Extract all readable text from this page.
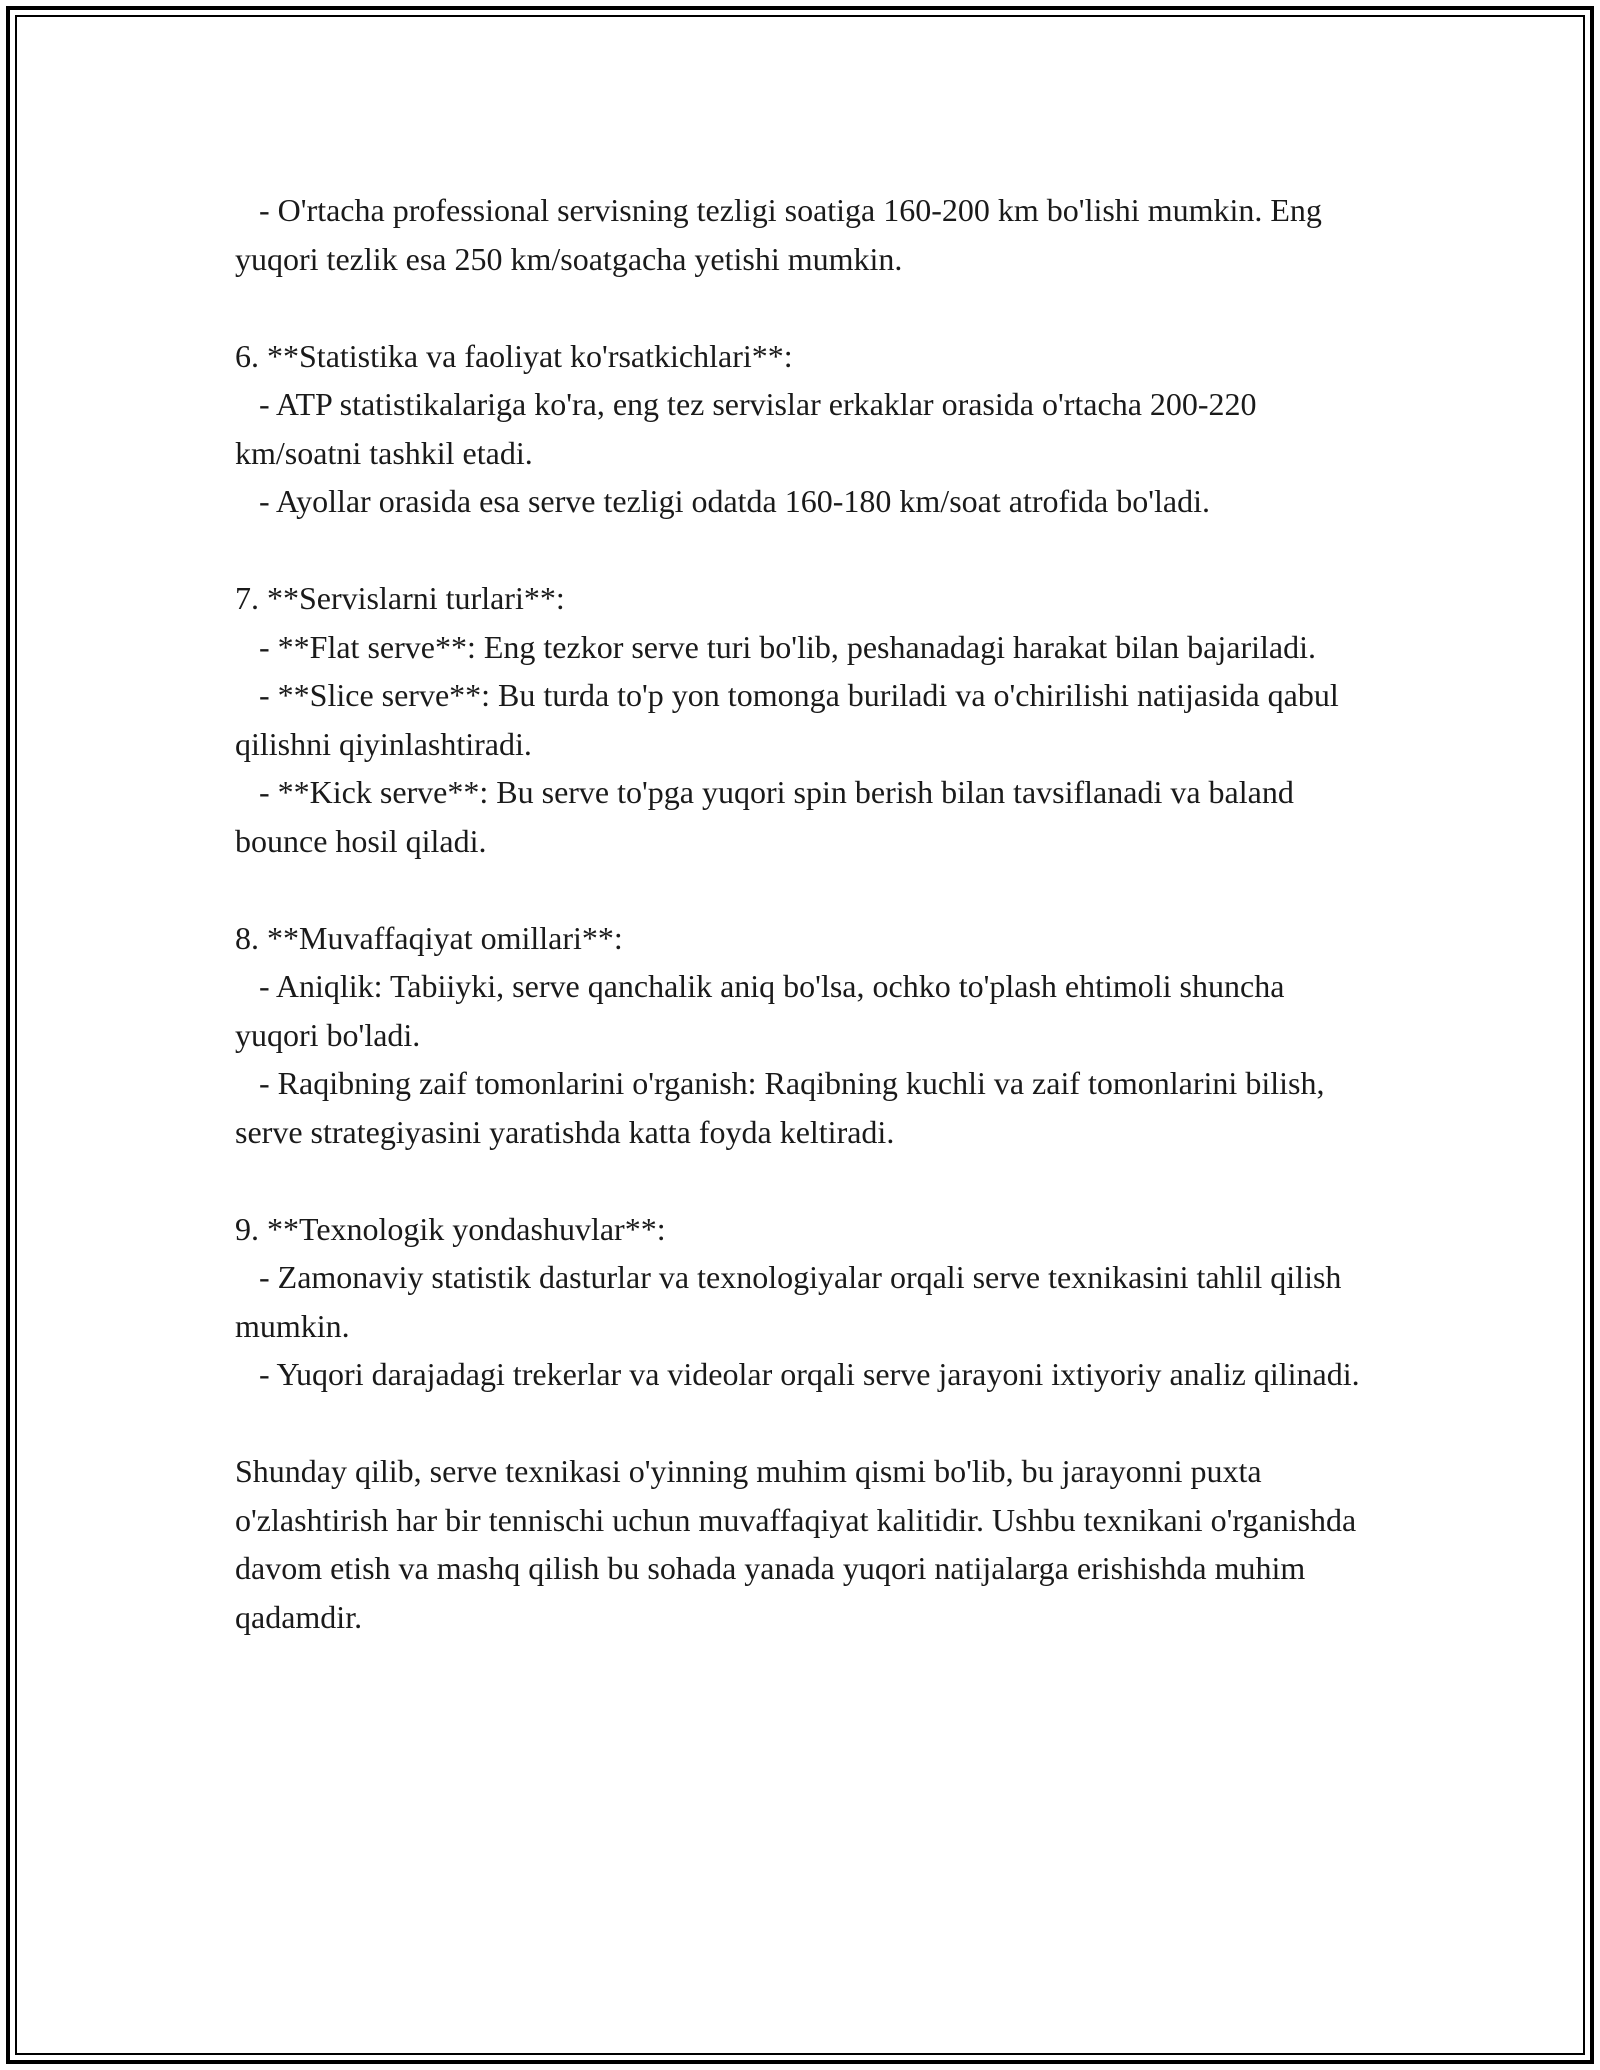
- O'rtacha professional servisning tezligi soatiga 160-200 km bo'lishi mumkin. Eng yuqori tezlik esa 250 km/soatgacha yetishi mumkin.
6. **Statistika va faoliyat ko'rsatkichlari**:
- ATP statistikalariga ko'ra, eng tez servislar erkaklar orasida o'rtacha 200-220 km/soatni tashkil etadi.
- Ayollar orasida esa serve tezligi odatda 160-180 km/soat atrofida bo'ladi.
7. **Servislarni turlari**:
- **Flat serve**: Eng tezkor serve turi bo'lib, peshanadagi harakat bilan bajariladi.
- **Slice serve**: Bu turda to'p yon tomonga buriladi va o'chirilishi natijasida qabul qilishni qiyinlashtiradi.
- **Kick serve**: Bu serve to'pga yuqori spin berish bilan tavsiflanadi va baland bounce hosil qiladi.
8. **Muvaffaqiyat omillari**:
- Aniqlik: Tabiiyki, serve qanchalik aniq bo'lsa, ochko to'plash ehtimoli shuncha yuqori bo'ladi.
- Raqibning zaif tomonlarini o'rganish: Raqibning kuchli va zaif tomonlarini bilish, serve strategiyasini yaratishda katta foyda keltiradi.
9. **Texnologik yondashuvlar**:
- Zamonaviy statistik dasturlar va texnologiyalar orqali serve texnikasini tahlil qilish mumkin.
- Yuqori darajadagi trekerlar va videolar orqali serve jarayoni ixtiyoriy analiz qilinadi.
Shunday qilib, serve texnikasi o'yinning muhim qismi bo'lib, bu jarayonni puxta o'zlashtirish har bir tennischi uchun muvaffaqiyat kalitidir. Ushbu texnikani o'rganishda davom etish va mashq qilish bu sohada yanada yuqori natijalarga erishishda muhim qadamdir.
